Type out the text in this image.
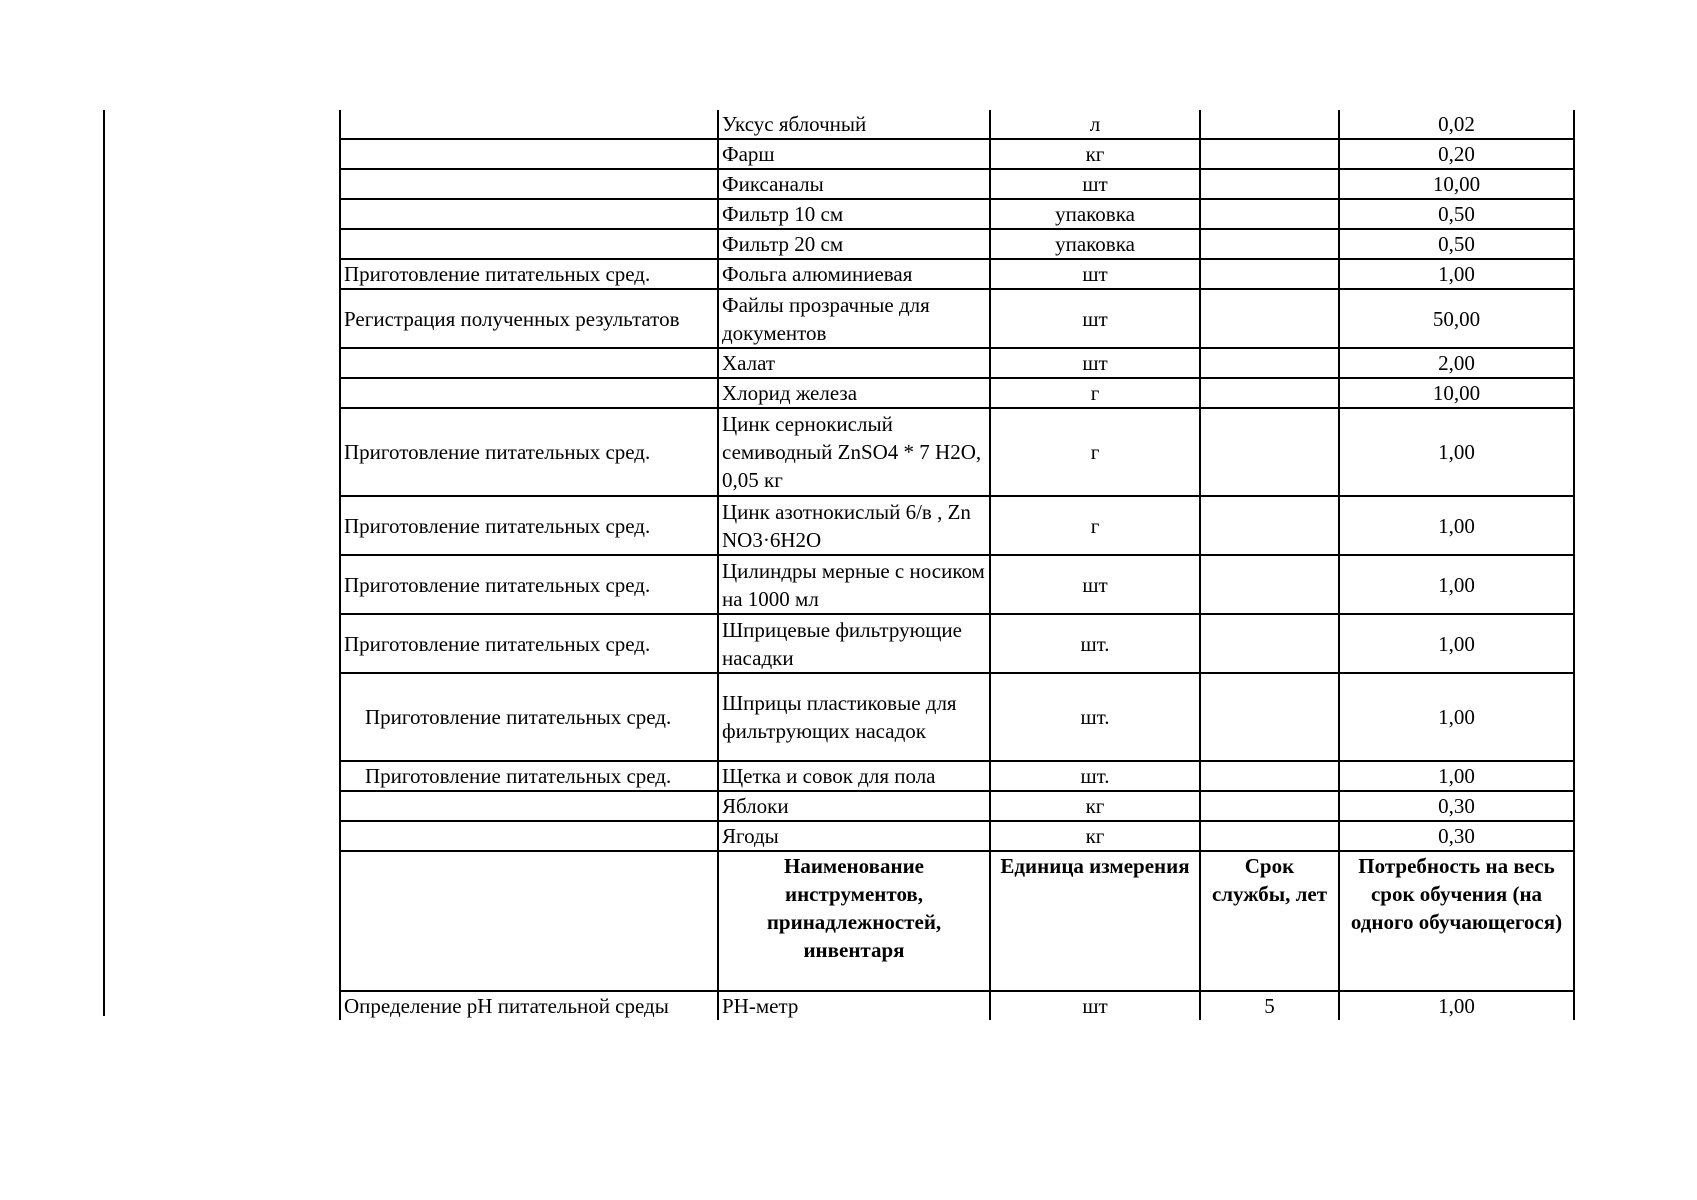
	Уксус яблочный	л		0,02
	Фарш	кг		0,20
	Фиксаналы	шт		10,00
	Фильтр 10 см	упаковка		0,50
	Фильтр 20 см	упаковка		0,50
Приготовление питательных сред.	Фольга алюминиевая	шт		1,00
Регистрация полученных результатов	Файлы прозрачные для документов	шт		50,00
	Халат	шт		2,00
	Хлорид железа	г		10,00
Приготовление питательных сред.	Цинк сернокислый семиводный ZnSO4 * 7 H2O, 0,05 кг	г		1,00
Приготовление питательных сред.	Цинк азотнокислый 6/в , Zn NO3·6H2O	г		1,00
Приготовление питательных сред.	Цилиндры мерные с носиком на 1000 мл	шт		1,00
Приготовление питательных сред.	Шприцевые фильтрующие насадки	шт.		1,00
Приготовление питательных сред.	Шприцы пластиковые для фильтрующих насадок	шт.		1,00
Приготовление питательных сред.	Щетка и совок для пола	шт.		1,00
	Яблоки	кг		0,30
	Ягоды	кг		0,30
	Наименование инструментов, принадлежностей, инвентаря	Единица измерения	Срок службы, лет	Потребность на весь срок обучения (на одного обучающегося)
Определение рН питательной среды	PH-метр	шт	5	1,00
